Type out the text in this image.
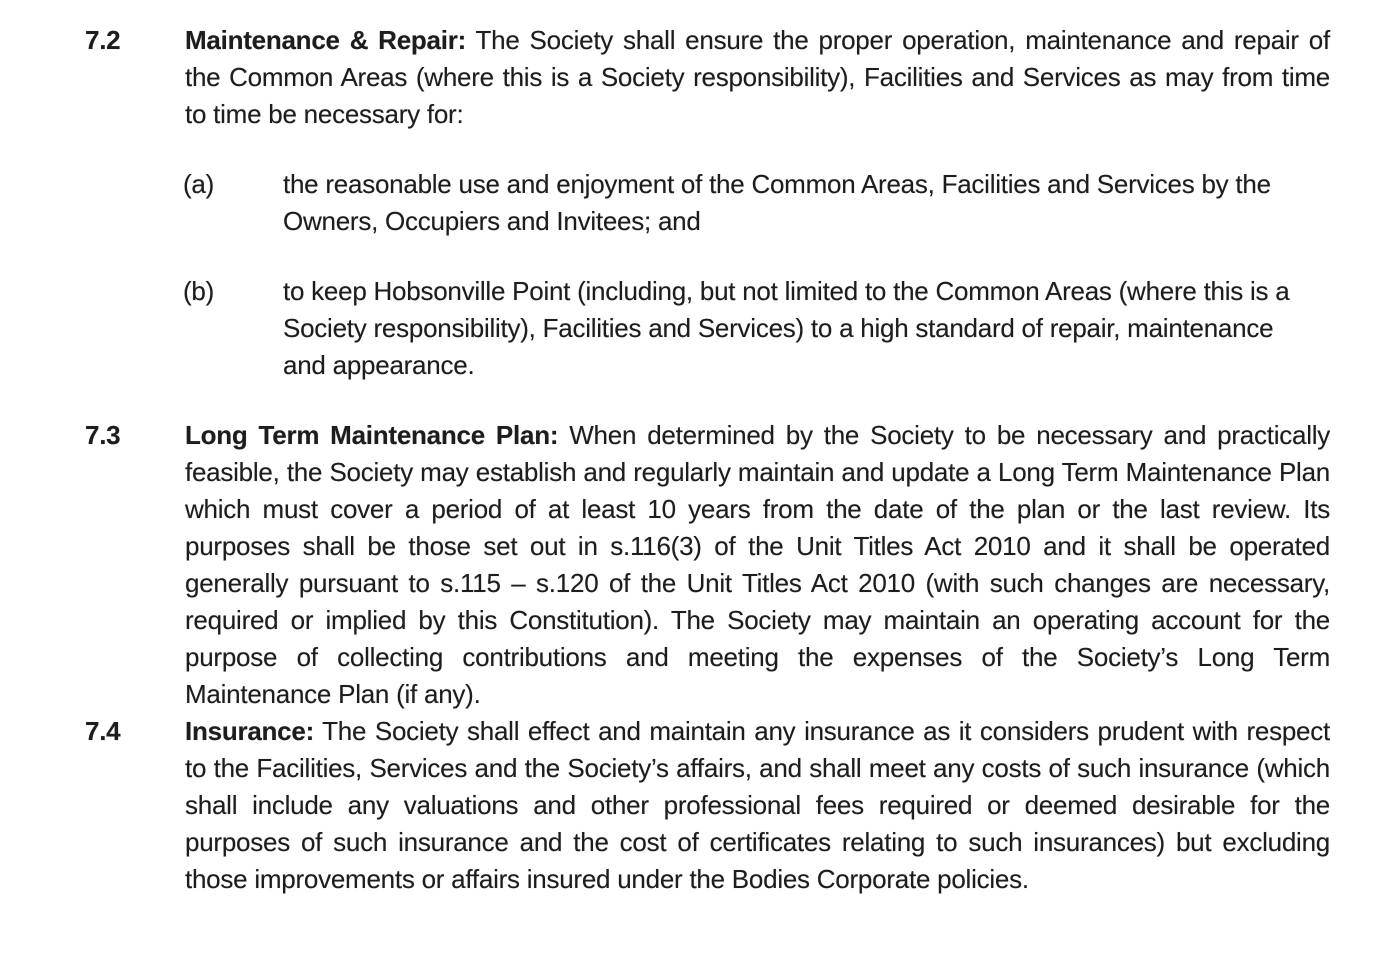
7.2	Maintenance & Repair: The Society shall ensure the proper operation, maintenance and repair of the Common Areas (where this is a Society responsibility), Facilities and Services as may from time to time be necessary for:

(a)	the reasonable use and enjoyment of the Common Areas, Facilities and Services by the Owners, Occupiers and Invitees; and

(b)	to keep Hobsonville Point (including, but not limited to the Common Areas (where this is a Society responsibility), Facilities and Services) to a high standard of repair, maintenance and appearance.

7.3	Long Term Maintenance Plan: When determined by the Society to be necessary and practically feasible, the Society may establish and regularly maintain and update a Long Term Maintenance Plan which must cover a period of at least 10 years from the date of the plan or the last review. Its purposes shall be those set out in s.116(3) of the Unit Titles Act 2010 and it shall be operated generally pursuant to s.115 – s.120 of the Unit Titles Act 2010 (with such changes are necessary, required or implied by this Constitution). The Society may maintain an operating account for the purpose of collecting contributions and meeting the expenses of the Society’s Long Term Maintenance Plan (if any).

7.4	Insurance: The Society shall effect and maintain any insurance as it considers prudent with respect to the Facilities, Services and the Society’s affairs, and shall meet any costs of such insurance (which shall include any valuations and other professional fees required or deemed desirable for the purposes of such insurance and the cost of certificates relating to such insurances) but excluding those improvements or affairs insured under the Bodies Corporate policies.
